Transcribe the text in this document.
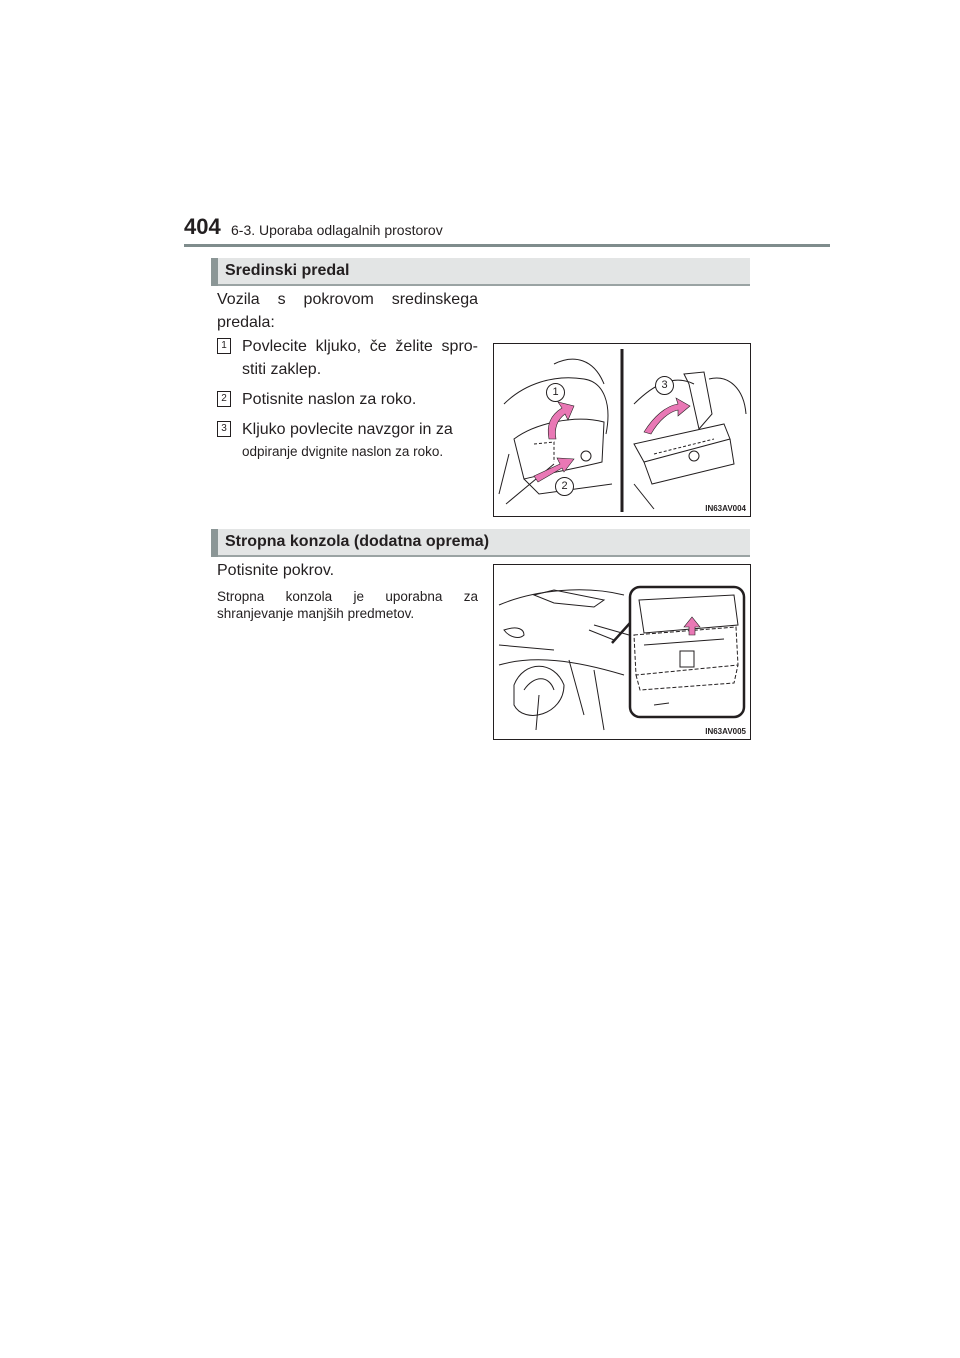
404 6-3. Uporaba odlagalnih prostorov
Sredinski predal
Vozila s pokrovom sredinskega predala:
1 Povlecite kljuko, če želite spro-stiti zaklep.
2 Potisnite naslon za roko.
3 Kljuko povlecite navzgor in za
odpiranje dvignite naslon za roko.
1
2
3
IN63AV004
Stropna konzola (dodatna oprema)
Potisnite pokrov.
Stropna konzola je uporabna za shranjevanje manjših predmetov.
IN63AV005
